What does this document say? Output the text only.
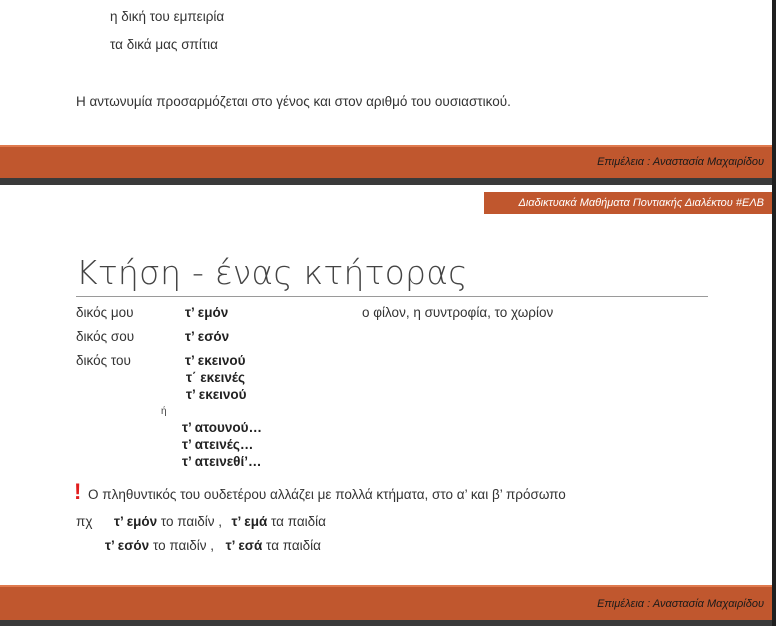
η δική του εμπειρία
τα δικά μας σπίτια
Η αντωνυμία προσαρμόζεται στο γένος και στον αριθμό του ουσιαστικού.
Επιμέλεια : Αναστασία Μαχαιρίδου
Διαδικτυακά Μαθήματα Ποντιακής Διαλέκτου #ΕΛΒ
Κτήση - ένας κτήτορας
δικός μου	τ’ εμόν	ο φίλον, η συντροφία, το χωρίον
δικός σου	τ’ εσόν
δικός του	τ’ εκεινού
τ΄ εκεινές
τ’ εκεινού
ή
τ’ ατουνού…
τ’ ατεινές…
τ’ ατεινεθί’…
! Ο πληθυντικός του ουδετέρου αλλάζει με πολλά κτήματα, στο α’ και β’ πρόσωπο
πχ τ’ εμόν το παιδίν , τ’ εμά τα παιδία
τ’ εσόν το παιδίν , τ’ εσά τα παιδία
Επιμέλεια : Αναστασία Μαχαιρίδου
